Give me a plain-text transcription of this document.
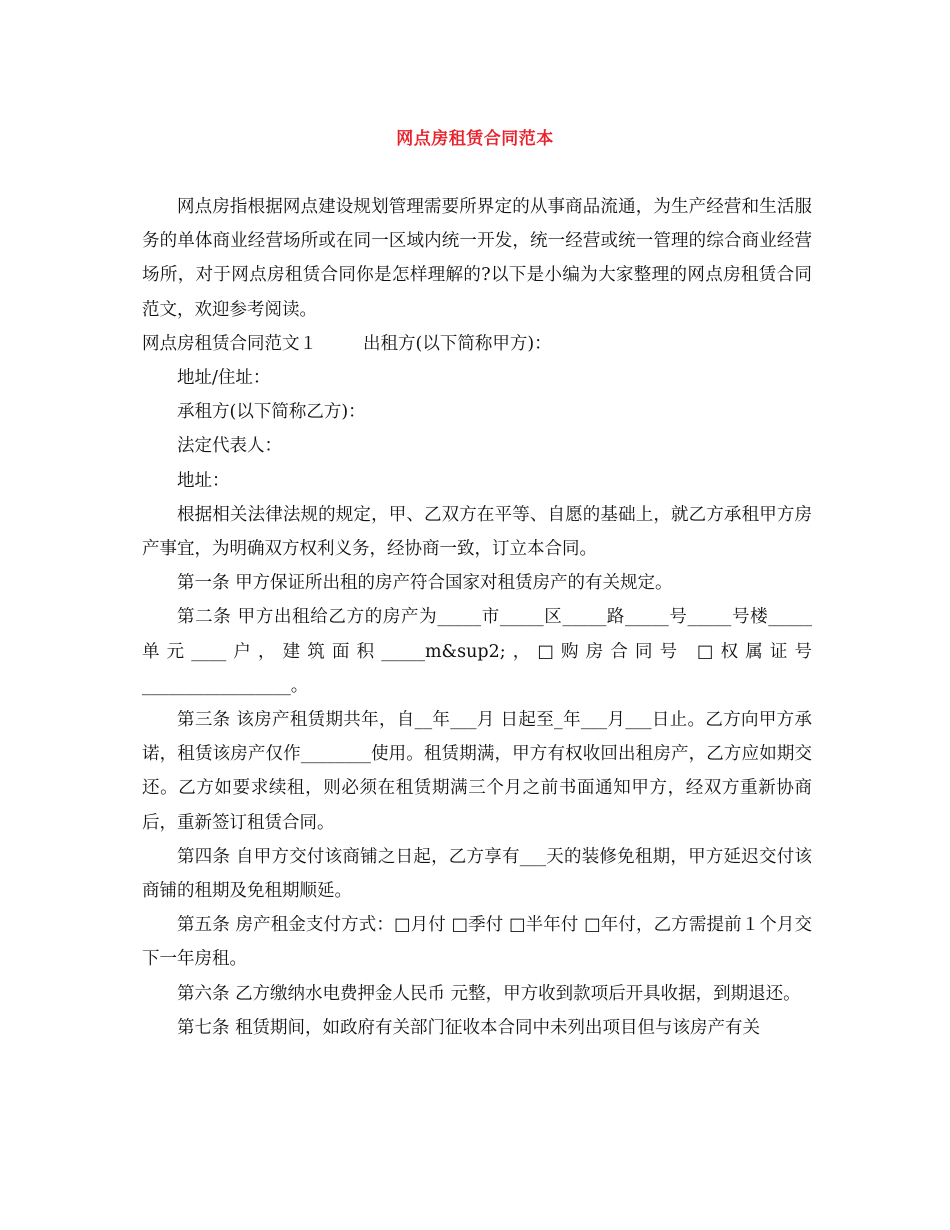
网点房租赁合同范本

网点房指根据网点建设规划管理需要所界定的从事商品流通，为生产经营和生活服务的单体商业经营场所或在同一区域内统一开发，统一经营或统一管理的综合商业经营场所，对于网点房租赁合同你是怎样理解的?以下是小编为大家整理的网点房租赁合同范文，欢迎参考阅读。

网点房租赁合同范文１	出租方(以下简称甲方)：

地址/住址：

承租方(以下简称乙方)：

法定代表人：

地址：

根据相关法律法规的规定，甲、乙双方在平等、自愿的基础上，就乙方承租甲方房产事宜，为明确双方权利义务，经协商一致，订立本合同。

第一条 甲方保证所出租的房产符合国家对租赁房产的有关规定。

第二条 甲方出租给乙方的房产为_____市_____区_____路_____号_____号楼_____单元____户，建筑面积_____m&sup2;，□购房合同号 □权属证号_________________。

第三条 该房产租赁期共年，自__年___月 日起至_年___月___日止。乙方向甲方承诺，租赁该房产仅作________使用。租赁期满，甲方有权收回出租房产，乙方应如期交还。乙方如要求续租，则必须在租赁期满三个月之前书面通知甲方，经双方重新协商后，重新签订租赁合同。

第四条 自甲方交付该商铺之日起，乙方享有___天的装修免租期，甲方延迟交付该商铺的租期及免租期顺延。

第五条 房产租金支付方式：□月付 □季付 □半年付 □年付，乙方需提前１个月交下一年房租。

第六条 乙方缴纳水电费押金人民币 元整，甲方收到款项后开具收据，到期退还。

第七条 租赁期间，如政府有关部门征收本合同中未列出项目但与该房产有关
